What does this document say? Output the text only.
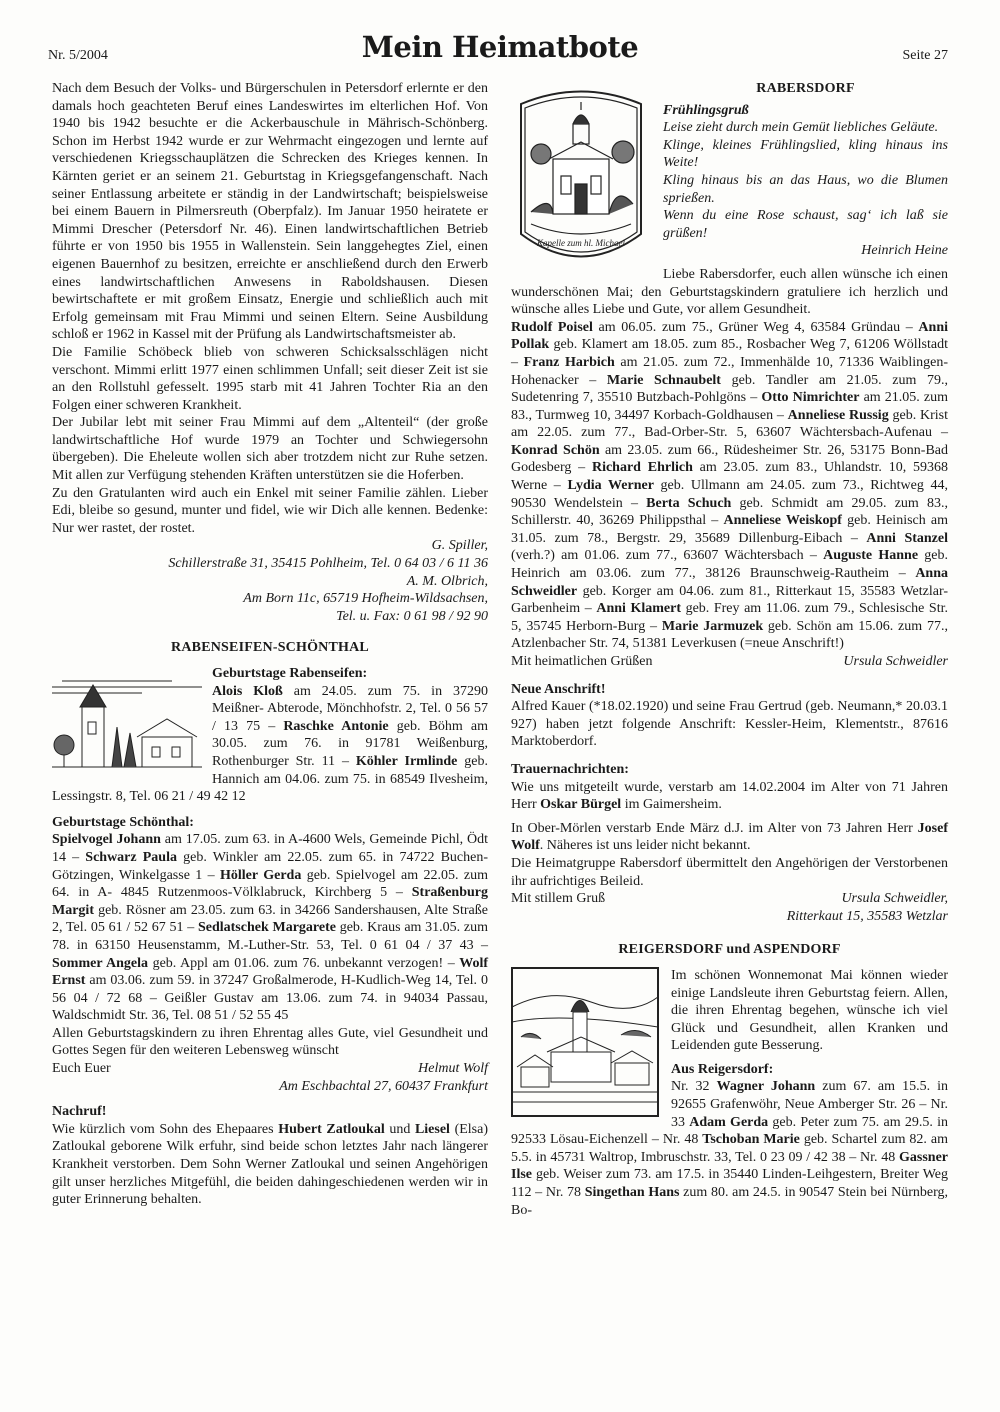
Nr. 5/2004	Mein Heimatbote	Seite 27

Nach dem Besuch der Volks- und Bürgerschulen in Petersdorf erlernte er den damals hoch geachteten Beruf eines Landeswirtes im elterlichen Hof. Von 1940 bis 1942 besuchte er die Ackerbauschule in Mährisch-Schönberg. Schon im Herbst 1942 wurde er zur Wehrmacht eingezogen und lernte auf verschiedenen Kriegsschauplätzen die Schrecken des Krieges kennen. In Kärnten geriet er an seinem 21. Geburtstag in Kriegsgefangenschaft. Nach seiner Entlassung arbeitete er ständig in der Landwirtschaft; beispielsweise bei einem Bauern in Pilmersreuth (Oberpfalz). Im Januar 1950 heiratete er Mimmi Drescher (Petersdorf Nr. 46). Einen landwirtschaftlichen Betrieb führte er von 1950 bis 1955 in Wallenstein. Sein langgehegtes Ziel, einen eigenen Bauernhof zu besitzen, erreichte er anschließend durch den Erwerb eines landwirtschaftlichen Anwesens in Raboldshausen. Diesen bewirtschaftete er mit großem Einsatz, Energie und schließlich auch mit Erfolg gemeinsam mit Frau Mimmi und seinen Eltern. Seine Ausbildung schloß er 1962 in Kassel mit der Prüfung als Landwirtschaftsmeister ab.

Die Familie Schöbeck blieb von schweren Schicksalsschlägen nicht verschont. Mimmi erlitt 1977 einen schlimmen Unfall; seit dieser Zeit ist sie an den Rollstuhl gefesselt. 1995 starb mit 41 Jahren Tochter Ria an den Folgen einer schweren Krankheit.

Der Jubilar lebt mit seiner Frau Mimmi auf dem „Altenteil“ (der große landwirtschaftliche Hof wurde 1979 an Tochter und Schwiegersohn übergeben). Die Eheleute wollen sich aber trotzdem nicht zur Ruhe setzen. Mit allen zur Verfügung stehenden Kräften unterstützen sie die Hoferben.

Zu den Gratulanten wird auch ein Enkel mit seiner Familie zählen. Lieber Edi, bleibe so gesund, munter und fidel, wie wir Dich alle kennen. Bedenke: Nur wer rastet, der rostet.

G. Spiller,

Schillerstraße 31, 35415 Pohlheim, Tel. 0 64 03 / 6 11 36

A. M. Olbrich,

Am Born 11c, 65719 Hofheim-Wildsachsen,

Tel. u. Fax: 0 61 98 / 92 90

RABENSEIFEN-SCHÖNTHAL
Geburtstage Rabenseifen:

Alois Kloß am 24.05. zum 75. in 37290 Meißner- Abterode, Mönchhofstr. 2, Tel. 0 56 57 / 13 75 – Raschke Antonie geb. Böhm am 30.05. zum 76. in 91781 Weißenburg, Rothenburger Str. 11 – Köhler Irmlinde geb. Hannich am 04.06. zum 75. in 68549 Ilvesheim, Lessingstr. 8, Tel. 06 21 / 49 42 12

Geburtstage Schönthal:

Spielvogel Johann am 17.05. zum 63. in A-4600 Wels, Gemeinde Pichl, Ödt 14 – Schwarz Paula geb. Winkler am 22.05. zum 65. in 74722 Buchen-Götzingen, Winkelgasse 1 – Höller Gerda geb. Spielvogel am 22.05. zum 64. in A- 4845 Rutzenmoos-Völklabruck, Kirchberg 5 – Straßenburg Margit geb. Rösner am 23.05. zum 63. in 34266 Sandershausen, Alte Straße 2, Tel. 05 61 / 52 67 51 – Sedlatschek Margarete geb. Kraus am 31.05. zum 78. in 63150 Heusenstamm, M.-Luther-Str. 53, Tel. 0 61 04 / 37 43 – Sommer Angela geb. Appl am 01.06. zum 76. unbekannt verzogen! – Wolf Ernst am 03.06. zum 59. in 37247 Großalmerode, H-Kudlich-Weg 14, Tel. 0 56 04 / 72 68 – Geißler Gustav am 13.06. zum 74. in 94034 Passau, Waldschmidt Str. 36, Tel. 08 51 / 52 55 45

Allen Geburtstagskindern zu ihren Ehrentag alles Gute, viel Gesundheit und Gottes Segen für den weiteren Lebensweg wünscht

Euch Euer	Helmut Wolf

Am Eschbachtal 27, 60437 Frankfurt

Nachruf!

Wie kürzlich vom Sohn des Ehepaares Hubert Zatloukal und Liesel (Elsa) Zatloukal geborene Wilk erfuhr, sind beide schon letztes Jahr nach längerer Krankheit verstorben. Dem Sohn Werner Zatloukal und seinen Angehörigen gilt unser herzliches Mitgefühl, die beiden dahingeschiedenen werden wir in guter Erinnerung behalten.

Kapelle zum hl. Michael
RABERSDORF
Frühlingsgruß

Leise zieht durch mein Gemüt liebliches Geläute.

Klinge, kleines Frühlingslied, kling hinaus ins Weite!

Kling hinaus bis an das Haus, wo die Blumen sprießen.

Wenn du eine Rose schaust, sag‘ ich laß sie grüßen!

Heinrich Heine

Liebe Rabersdorfer, euch allen wünsche ich einen wunderschönen Mai; den Geburtstagskindern gratuliere ich herzlich und wünsche alles Liebe und Gute, vor allem Gesundheit.

Rudolf Poisel am 06.05. zum 75., Grüner Weg 4, 63584 Gründau – Anni Pollak geb. Klamert am 18.05. zum 85., Rosbacher Weg 7, 61206 Wöllstadt – Franz Harbich am 21.05. zum 72., Immenhälde 10, 71336 Waiblingen-Hohenacker – Marie Schnaubelt geb. Tandler am 21.05. zum 79., Sudetenring 7, 35510 Butzbach-Pohlgöns – Otto Nimrichter am 21.05. zum 83., Turmweg 10, 34497 Korbach-Goldhausen – Anneliese Russig geb. Krist am 22.05. zum 77., Bad-Orber-Str. 5, 63607 Wächtersbach-Aufenau – Konrad Schön am 23.05. zum 66., Rüdesheimer Str. 26, 53175 Bonn-Bad Godesberg – Richard Ehrlich am 23.05. zum 83., Uhlandstr. 10, 59368 Werne – Lydia Werner geb. Ullmann am 24.05. zum 73., Richtweg 44, 90530 Wendelstein – Berta Schuch geb. Schmidt am 29.05. zum 83., Schillerstr. 40, 36269 Philippsthal – Anneliese Weiskopf geb. Heinisch am 31.05. zum 78., Bergstr. 29, 35689 Dillenburg-Eibach – Anni Stanzel (verh.?) am 01.06. zum 77., 63607 Wächtersbach – Auguste Hanne geb. Heinrich am 03.06. zum 77., 38126 Braunschweig-Rautheim – Anna Schweidler geb. Korger am 04.06. zum 81., Ritterkaut 15, 35583 Wetzlar-Garbenheim – Anni Klamert geb. Frey am 11.06. zum 79., Schlesische Str. 5, 35745 Herborn-Burg – Marie Jarmuzek geb. Schön am 15.06. zum 77., Atzlenbacher Str. 74, 51381 Leverkusen (=neue Anschrift!)

Mit heimatlichen Grüßen	Ursula Schweidler
Neue Anschrift!

Alfred Kauer (*18.02.1920) und seine Frau Gertrud (geb. Neumann,* 20.03.1 927) haben jetzt folgende Anschrift: Kessler-Heim, Klementstr., 87616 Marktoberdorf.

Trauernachrichten:

Wie uns mitgeteilt wurde, verstarb am 14.02.2004 im Alter von 71 Jahren Herr Oskar Bürgel im Gaimersheim.

In Ober-Mörlen verstarb Ende März d.J. im Alter von 73 Jahren Herr Josef Wolf. Näheres ist uns leider nicht bekannt.

Die Heimatgruppe Rabersdorf übermittelt den Angehörigen der Verstorbenen ihr aufrichtiges Beileid.

Mit stillem Gruß	Ursula Schweidler,

Ritterkaut 15, 35583 Wetzlar

REIGERSDORF und ASPENDORF

Im schönen Wonnemonat Mai können wieder einige Landsleute ihren Geburtstag feiern. Allen, die ihren Ehrentag begehen, wünsche ich viel Glück und Gesundheit, allen Kranken und Leidenden gute Besserung.

Aus Reigersdorf:

Nr. 32 Wagner Johann zum 67. am 15.5. in 92655 Grafenwöhr, Neue Amberger Str. 26 – Nr. 33 Adam Gerda geb. Peter zum 75. am 29.5. in 92533 Lösau-Eichenzell – Nr. 48 Tschoban Marie geb. Schartel zum 82. am 5.5. in 45731 Waltrop, Imbruschstr. 33, Tel. 0 23 09 / 42 38 – Nr. 48 Gassner Ilse geb. Weiser zum 73. am 17.5. in 35440 Linden-Leihgestern, Breiter Weg 112 – Nr. 78 Singethan Hans zum 80. am 24.5. in 90547 Stein bei Nürnberg, Bo-
